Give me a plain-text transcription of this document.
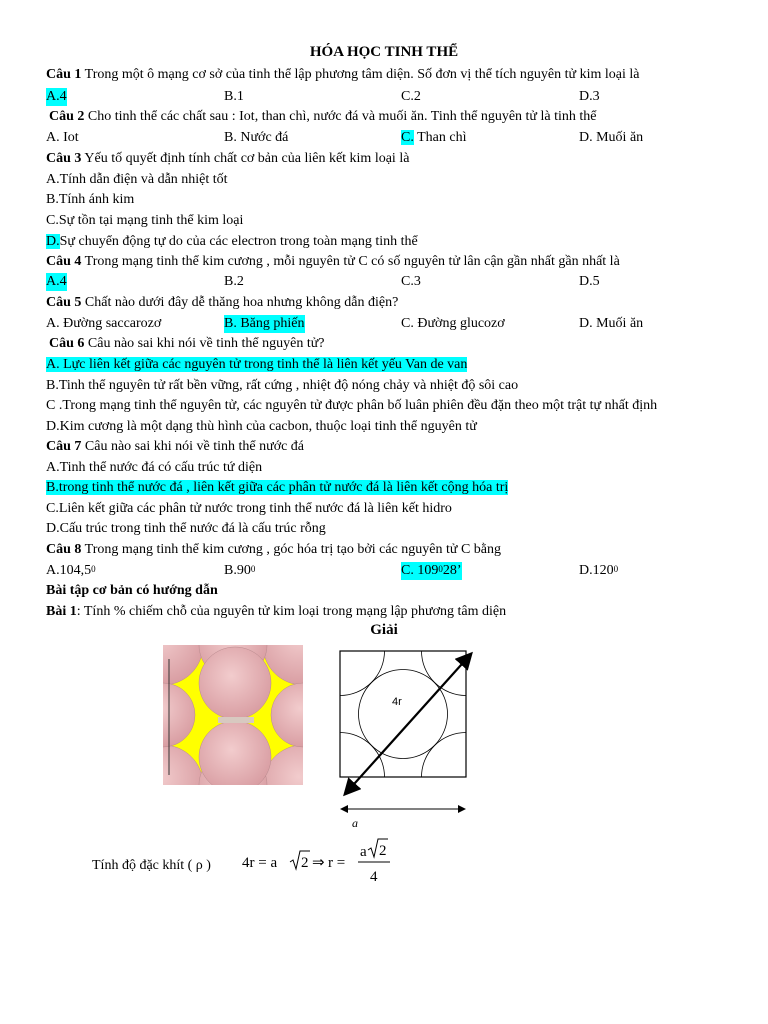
HÓA HỌC TINH THỂ
Câu 1 Trong một ô mạng cơ sở của tinh thể lập phương tâm diện. Số đơn vị thể tích nguyên tử kim loại là
A.4	B.1	C.2	D.3
Câu 2 Cho tinh thể các chất sau : Iot, than chì, nước đá và muối ăn. Tinh thể nguyên tử là tinh thể
A. Iot	B. Nước đá	C. Than chì	D. Muối ăn
Câu 3 Yếu tố quyết định tính chất cơ bản của liên kết kim loại là
A.Tính dẫn điện và dẫn nhiệt tốt
B.Tính ánh kim
C.Sự tồn tại mạng tinh thể kim loại
D.Sự chuyển động tự do của các electron trong toàn mạng tinh thể
Câu 4 Trong mạng tinh thể kim cương , mỗi nguyên tử C có số nguyên tử lân cận gần nhất gần nhất là
A.4	B.2	C.3	D.5
Câu 5 Chất nào dưới đây dễ thăng hoa nhưng không dẫn điện?
A. Đường saccarozơ	B. Băng phiến	C. Đường glucozơ	D. Muối ăn
Câu 6 Câu nào sai khi nói về tinh thể nguyên tử?
A. Lực liên kết giữa các nguyên tử trong tinh thể là liên kết yếu Van de van
B.Tinh thể nguyên tử rất bền vững, rất cứng , nhiệt độ nóng chảy và nhiệt độ sôi cao
C .Trong mạng tinh thể nguyên tử, các nguyên tử được phân bố luân phiên đều đặn theo một trật tự nhất định
D.Kim cương là một dạng thù hình của cacbon, thuộc loại tinh thể nguyên tử
Câu 7 Câu nào sai khi nói về tinh thể nước đá
A.Tinh thể nước đá có cấu trúc tứ diện
B.trong tinh thể nước đá , liên kết giữa các phân tử nước đá là liên kết cộng hóa trị
C.Liên kết giữa các phân tử nước trong tinh thể nước đá là liên kết hidro
D.Cấu trúc trong tinh thể nước đá là cấu trúc rỗng
Câu 8 Trong mạng tinh thể kim cương , góc hóa trị tạo bởi các nguyên tử C bằng
A.104,5$^0$	$B.90^0$	C. $109^028$’	D.120$^0$
Bài tập cơ bản có hướng dẫn
Bài 1: Tính % chiếm chỗ của nguyên tử kim loại trong mạng lập phương tâm diện
Giải
4r
a
Tính độ đặc khít ( ρ ) 4r = a 2 ⇒ r =
a 2
4
